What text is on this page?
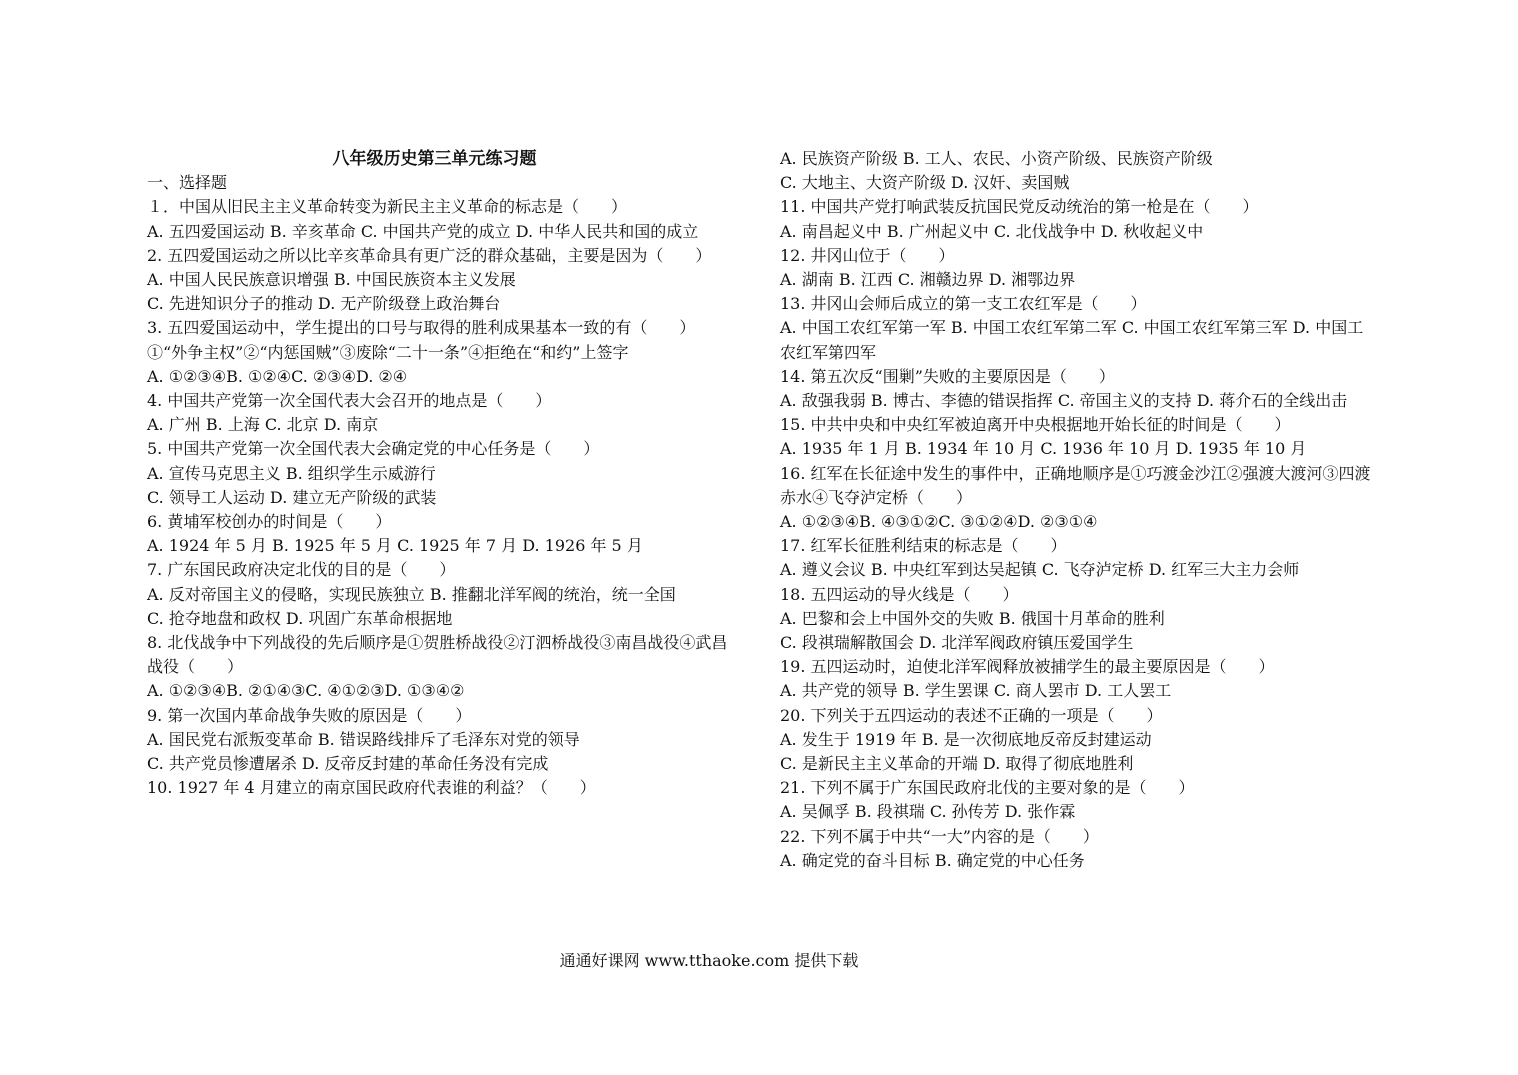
八年级历史第三单元练习题
一、选择题
１．中国从旧民主主义革命转变为新民主主义革命的标志是（　　）
A. 五四爱国运动 B. 辛亥革命 C. 中国共产党的成立 D. 中华人民共和国的成立
2. 五四爱国运动之所以比辛亥革命具有更广泛的群众基础，主要是因为（　　）
A. 中国人民民族意识增强 B. 中国民族资本主义发展
C. 先进知识分子的推动 D. 无产阶级登上政治舞台
3. 五四爱国运动中，学生提出的口号与取得的胜利成果基本一致的有（　　）
①“外争主权”②“内惩国贼”③废除“二十一条”④拒绝在“和约”上签字
A. ①②③④B. ①②④C. ②③④D. ②④
4. 中国共产党第一次全国代表大会召开的地点是（　　）
A. 广州 B. 上海 C. 北京 D. 南京
5. 中国共产党第一次全国代表大会确定党的中心任务是（　　）
A. 宣传马克思主义 B. 组织学生示威游行
C. 领导工人运动 D. 建立无产阶级的武装
6. 黄埔军校创办的时间是（　　）
A. 1924 年 5 月 B. 1925 年 5 月 C. 1925 年 7 月 D. 1926 年 5 月
7. 广东国民政府决定北伐的目的是（　　）
A. 反对帝国主义的侵略，实现民族独立 B. 推翻北洋军阀的统治，统一全国
C. 抢夺地盘和政权 D. 巩固广东革命根据地
8. 北伐战争中下列战役的先后顺序是①贺胜桥战役②汀泗桥战役③南昌战役④武昌战役（　　）
A. ①②③④B. ②①④③C. ④①②③D. ①③④②
9. 第一次国内革命战争失败的原因是（　　）
A. 国民党右派叛变革命 B. 错误路线排斥了毛泽东对党的领导
C. 共产党员惨遭屠杀 D. 反帝反封建的革命任务没有完成
10. 1927 年 4 月建立的南京国民政府代表谁的利益？（　　）
A. 民族资产阶级 B. 工人、农民、小资产阶级、民族资产阶级
C. 大地主、大资产阶级 D. 汉奸、卖国贼
11. 中国共产党打响武装反抗国民党反动统治的第一枪是在（　　）
A. 南昌起义中 B. 广州起义中 C. 北伐战争中 D. 秋收起义中
12. 井冈山位于（　　）
A. 湖南 B. 江西 C. 湘赣边界 D. 湘鄂边界
13. 井冈山会师后成立的第一支工农红军是（　　）
A. 中国工农红军第一军 B. 中国工农红军第二军 C. 中国工农红军第三军 D. 中国工农红军第四军
14. 第五次反“围剿”失败的主要原因是（　　）
A. 敌强我弱 B. 博古、李德的错误指挥 C. 帝国主义的支持 D. 蒋介石的全线出击
15. 中共中央和中央红军被迫离开中央根据地开始长征的时间是（　　）
A. 1935 年 1 月 B. 1934 年 10 月 C. 1936 年 10 月 D. 1935 年 10 月
16. 红军在长征途中发生的事件中，正确地顺序是①巧渡金沙江②强渡大渡河③四渡赤水④飞夺泸定桥（　　）
A. ①②③④B. ④③①②C. ③①②④D. ②③①④
17. 红军长征胜利结束的标志是（　　）
A. 遵义会议 B. 中央红军到达吴起镇 C. 飞夺泸定桥 D. 红军三大主力会师
18. 五四运动的导火线是（　　）
A. 巴黎和会上中国外交的失败 B. 俄国十月革命的胜利
C. 段祺瑞解散国会 D. 北洋军阀政府镇压爱国学生
19. 五四运动时，迫使北洋军阀释放被捕学生的最主要原因是（　　）
A. 共产党的领导 B. 学生罢课 C. 商人罢市 D. 工人罢工
20. 下列关于五四运动的表述不正确的一项是（　　）
A. 发生于 1919 年 B. 是一次彻底地反帝反封建运动
C. 是新民主主义革命的开端 D. 取得了彻底地胜利
21. 下列不属于广东国民政府北伐的主要对象的是（　　）
A. 吴佩孚 B. 段祺瑞 C. 孙传芳 D. 张作霖
22. 下列不属于中共“一大”内容的是（　　）
A. 确定党的奋斗目标 B. 确定党的中心任务
通通好课网 www.tthaoke.com 提供下载
